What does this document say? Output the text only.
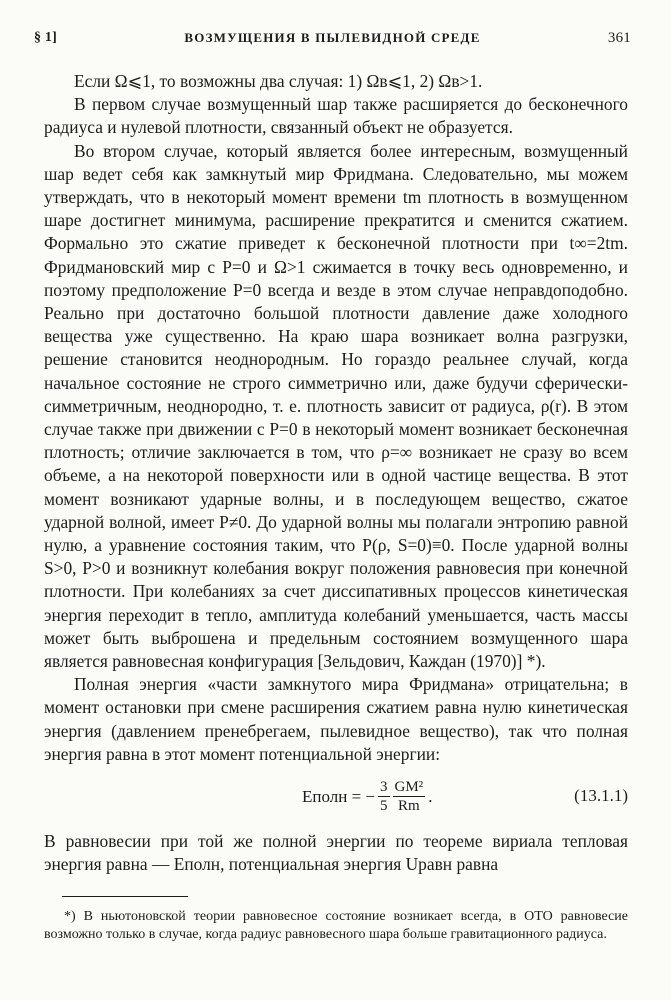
§ 1]	ВОЗМУЩЕНИЯ В ПЫЛЕВИДНОЙ СРЕДЕ	361

Если Ω⩽1, то возможны два случая: 1) Ωв⩽1, 2) Ωв>1.

В первом случае возмущенный шар также расширяется до бесконечного радиуса и нулевой плотности, связанный объект не образуется.

Во втором случае, который является более интересным, возмущенный шар ведет себя как замкнутый мир Фридмана. Следовательно, мы можем утверждать, что в некоторый момент времени tm плотность в возмущенном шаре достигнет минимума, расширение прекратится и сменится сжатием. Формально это сжатие приведет к бесконечной плотности при t∞=2tm. Фридмановский мир с P=0 и Ω>1 сжимается в точку весь одновременно, и поэтому предположение P=0 всегда и везде в этом случае неправдоподобно. Реально при достаточно большой плотности давление даже холодного вещества уже существенно. На краю шара возникает волна разгрузки, решение становится неоднородным. Но гораздо реальнее случай, когда начальное состояние не строго симметрично или, даже будучи сферически-симметричным, неоднородно, т. е. плотность зависит от радиуса, ρ(r). В этом случае также при движении с P=0 в некоторый момент возникает бесконечная плотность; отличие заключается в том, что ρ=∞ возникает не сразу во всем объеме, а на некоторой поверхности или в одной частице вещества. В этот момент возникают ударные волны, и в последующем вещество, сжатое ударной волной, имеет P≠0. До ударной волны мы полагали энтропию равной нулю, а уравнение состояния таким, что P(ρ, S=0)≡0. После ударной волны S>0, P>0 и возникнут колебания вокруг положения равновесия при конечной плотности. При колебаниях за счет диссипативных процессов кинетическая энергия переходит в тепло, амплитуда колебаний уменьшается, часть массы может быть выброшена и предельным состоянием возмущенного шара является равновесная конфигурация [Зельдович, Каждан (1970)] *).

Полная энергия «части замкнутого мира Фридмана» отрицательна; в момент остановки при смене расширения сжатием равна нулю кинетическая энергия (давлением пренебрегаем, пылевидное вещество), так что полная энергия равна в этот момент потенциальной энергии:

Eполн = − $\frac{3}{5} \frac{\text{GM²}}{Rm}$ .	(13.1.1)

В равновесии при той же полной энергии по теореме вириала тепловая энергия равна — Eполн, потенциальная энергия Uравн равна

*) В ньютоновской теории равновесное состояние возникает всегда, в ОТО равновесие возможно только в случае, когда радиус равновесного шара больше гравитационного радиуса.
